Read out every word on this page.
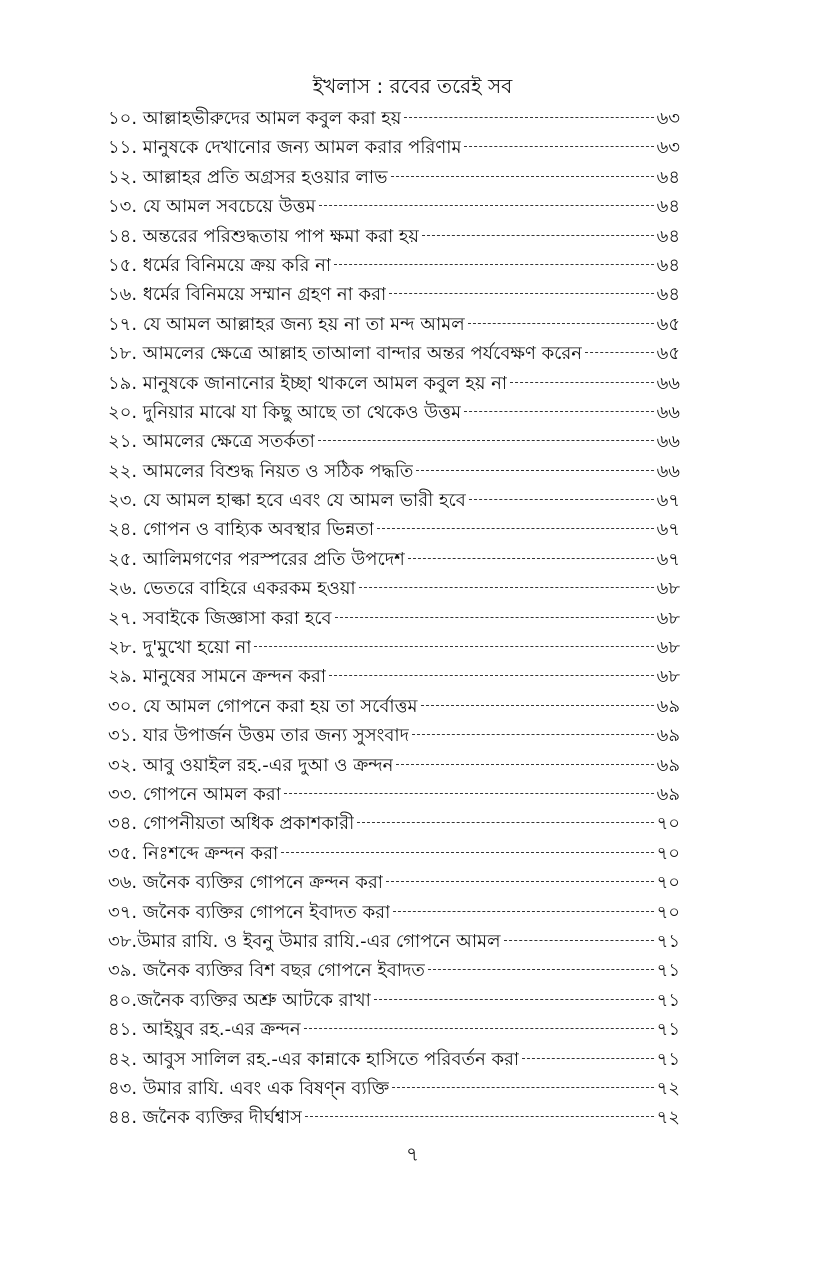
ইখলাস : রবের তরেই সব
১০. আল্লাহভীরুদের আমল কবুল করা হয়	৬৩
১১. মানুষকে দেখানোর জন্য আমল করার পরিণাম	৬৩
১২. আল্লাহর প্রতি অগ্রসর হওয়ার লাভ	৬৪
১৩. যে আমল সবচেয়ে উত্তম	৬৪
১৪. অন্তরের পরিশুদ্ধতায় পাপ ক্ষমা করা হয়	৬৪
১৫. ধর্মের বিনিময়ে ক্রয় করি না	৬৪
১৬. ধর্মের বিনিময়ে সম্মান গ্রহণ না করা	৬৪
১৭. যে আমল আল্লাহর জন্য হয় না তা মন্দ আমল	৬৫
১৮. আমলের ক্ষেত্রে আল্লাহ তাআলা বান্দার অন্তর পর্যবেক্ষণ করেন	৬৫
১৯. মানুষকে জানানোর ইচ্ছা থাকলে আমল কবুল হয় না	৬৬
২০. দুনিয়ার মাঝে যা কিছু আছে তা থেকেও উত্তম	৬৬
২১. আমলের ক্ষেত্রে সতর্কতা	৬৬
২২. আমলের বিশুদ্ধ নিয়ত ও সঠিক পদ্ধতি	৬৬
২৩. যে আমল হাল্কা হবে এবং যে আমল ভারী হবে	৬৭
২৪. গোপন ও বাহ্যিক অবস্থার ভিন্নতা	৬৭
২৫. আলিমগণের পরস্পরের প্রতি উপদেশ	৬৭
২৬. ভেতরে বাহিরে একরকম হওয়া	৬৮
২৭. সবাইকে জিজ্ঞাসা করা হবে	৬৮
২৮. দু'মুখো হয়ো না	৬৮
২৯. মানুষের সামনে ক্রন্দন করা	৬৮
৩০. যে আমল গোপনে করা হয় তা সর্বোত্তম	৬৯
৩১. যার উপার্জন উত্তম তার জন্য সুসংবাদ	৬৯
৩২. আবু ওয়াইল রহ.-এর দুআ ও ক্রন্দন	৬৯
৩৩. গোপনে আমল করা	৬৯
৩৪. গোপনীয়তা অধিক প্রকাশকারী	৭০
৩৫. নিঃশব্দে ক্রন্দন করা	৭০
৩৬. জনৈক ব্যক্তির গোপনে ক্রন্দন করা	৭০
৩৭. জনৈক ব্যক্তির গোপনে ইবাদত করা	৭০
৩৮.উমার রাযি. ও ইবনু উমার রাযি.-এর গোপনে আমল	৭১
৩৯. জনৈক ব্যক্তির বিশ বছর গোপনে ইবাদত	৭১
৪০.জনৈক ব্যক্তির অশ্রু আটকে রাখা	৭১
৪১. আইয়ুব রহ.-এর ক্রন্দন	৭১
৪২. আবুস সালিল রহ.-এর কান্নাকে হাসিতে পরিবর্তন করা	৭১
৪৩. উমার রাযি. এবং এক বিষণ্ন ব্যক্তি	৭২
৪৪. জনৈক ব্যক্তির দীর্ঘশ্বাস	৭২
৭
